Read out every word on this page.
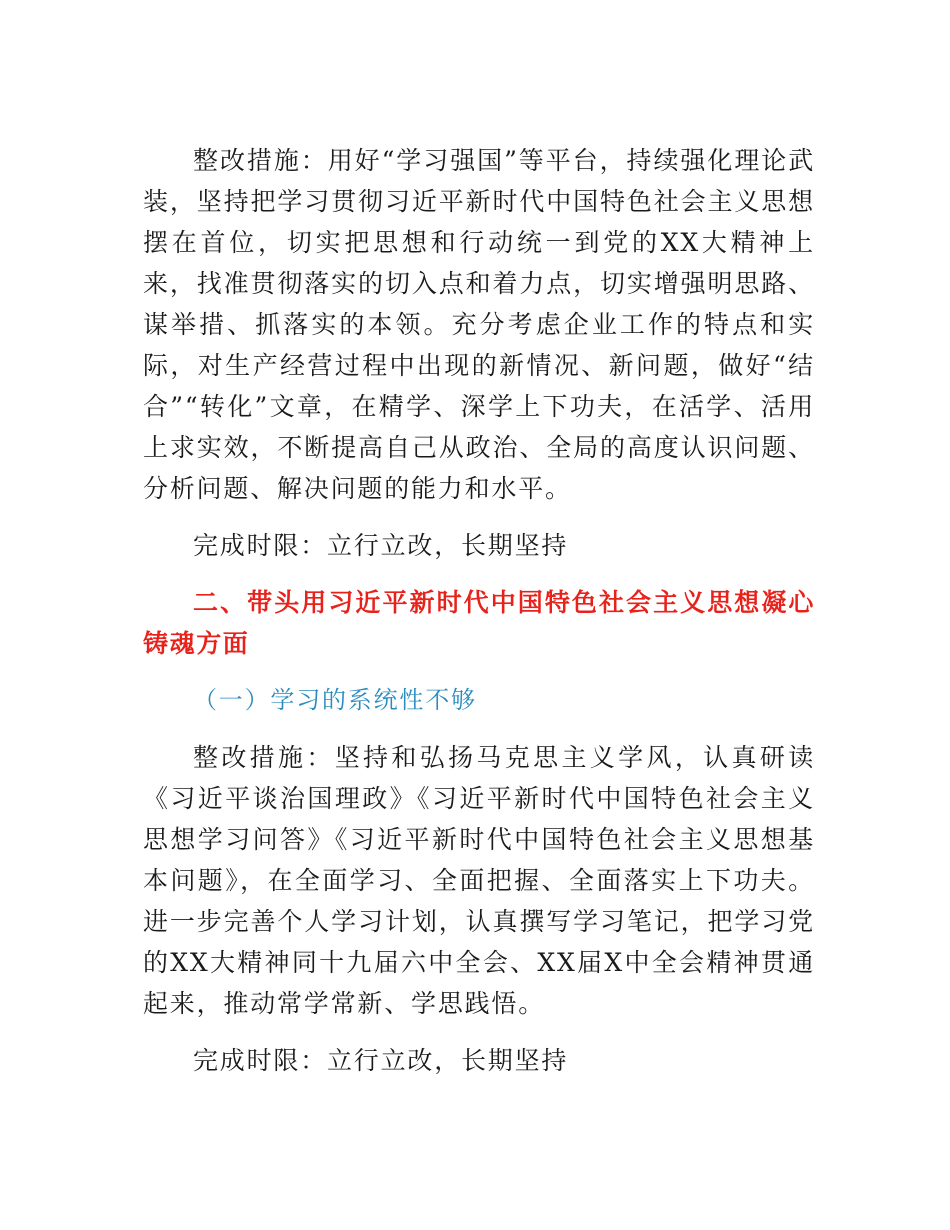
整改措施：用好“学习强国”等平台，持续强化理论武装，坚持把学习贯彻习近平新时代中国特色社会主义思想摆在首位，切实把思想和行动统一到党的XX大精神上来，找准贯彻落实的切入点和着力点，切实增强明思路、谋举措、抓落实的本领。充分考虑企业工作的特点和实际，对生产经营过程中出现的新情况、新问题，做好“结合”“转化”文章，在精学、深学上下功夫，在活学、活用上求实效，不断提高自己从政治、全局的高度认识问题、分析问题、解决问题的能力和水平。

完成时限：立行立改，长期坚持

二、带头用习近平新时代中国特色社会主义思想凝心铸魂方面

（一）学习的系统性不够

整改措施：坚持和弘扬马克思主义学风，认真研读《习近平谈治国理政》《习近平新时代中国特色社会主义思想学习问答》《习近平新时代中国特色社会主义思想基本问题》，在全面学习、全面把握、全面落实上下功夫。进一步完善个人学习计划，认真撰写学习笔记，把学习党的XX大精神同十九届六中全会、XX届X中全会精神贯通起来，推动常学常新、学思践悟。

完成时限：立行立改，长期坚持
